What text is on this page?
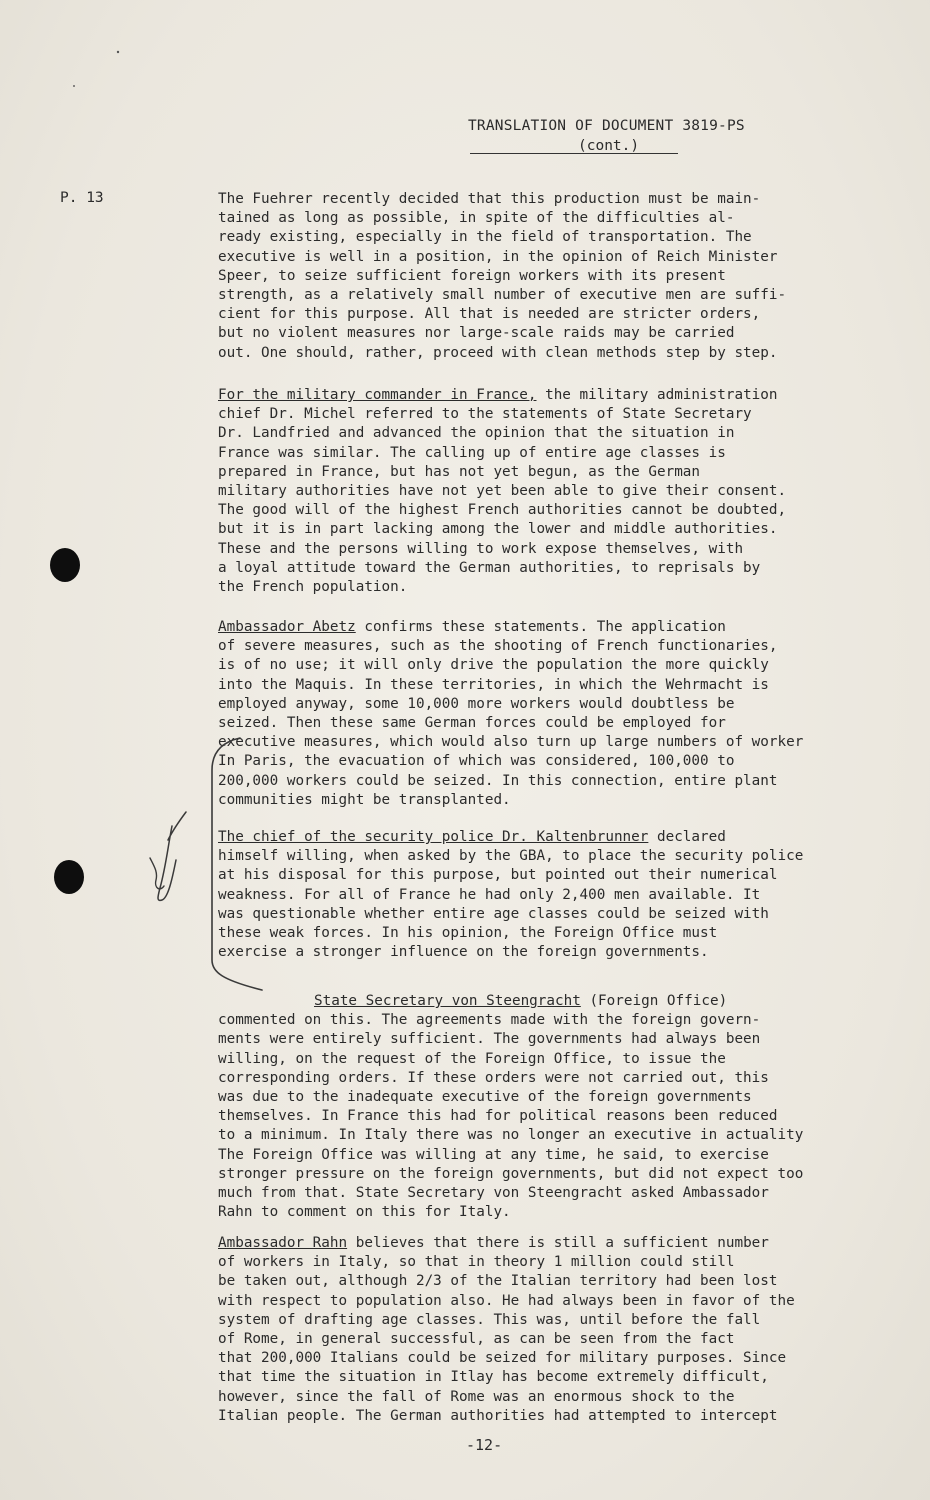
TRANSLATION OF DOCUMENT 3819-PS
(cont.)
P. 13	The Fuehrer recently decided that this production must be main-
tained as long as possible, in spite of the difficulties al-
ready existing, especially in the field of transportation. The
executive is well in a position, in the opinion of Reich Minister
Speer, to seize sufficient foreign workers with its present
strength, as a relatively small number of executive men are suffi-
cient for this purpose. All that is needed are stricter orders,
but no violent measures nor large-scale raids may be carried
out. One should, rather, proceed with clean methods step by step.
For the military commander in France, the military administration
chief Dr. Michel referred to the statements of State Secretary
Dr. Landfried and advanced the opinion that the situation in
France was similar. The calling up of entire age classes is
prepared in France, but has not yet begun, as the German
military authorities have not yet been able to give their consent.
The good will of the highest French authorities cannot be doubted,
but it is in part lacking among the lower and middle authorities.
These and the persons willing to work expose themselves, with
a loyal attitude toward the German authorities, to reprisals by
the French population.
Ambassador Abetz confirms these statements. The application
of severe measures, such as the shooting of French functionaries,
is of no use; it will only drive the population the more quickly
into the Maquis. In these territories, in which the Wehrmacht is
employed anyway, some 10,000 more workers would doubtless be
seized. Then these same German forces could be employed for
executive measures, which would also turn up large numbers of worker
In Paris, the evacuation of which was considered, 100,000 to
200,000 workers could be seized. In this connection, entire plant
communities might be transplanted.
The chief of the security police Dr. Kaltenbrunner declared
himself willing, when asked by the GBA, to place the security police
at his disposal for this purpose, but pointed out their numerical
weakness. For all of France he had only 2,400 men available. It
was questionable whether entire age classes could be seized with
these weak forces. In his opinion, the Foreign Office must
exercise a stronger influence on the foreign governments.
State Secretary von Steengracht (Foreign Office)
commented on this. The agreements made with the foreign govern-
ments were entirely sufficient. The governments had always been
willing, on the request of the Foreign Office, to issue the
corresponding orders. If these orders were not carried out, this
was due to the inadequate executive of the foreign governments
themselves. In France this had for political reasons been reduced
to a minimum. In Italy there was no longer an executive in actuality
The Foreign Office was willing at any time, he said, to exercise
stronger pressure on the foreign governments, but did not expect too
much from that. State Secretary von Steengracht asked Ambassador
Rahn to comment on this for Italy.
Ambassador Rahn believes that there is still a sufficient number
of workers in Italy, so that in theory 1 million could still
be taken out, although 2/3 of the Italian territory had been lost
with respect to population also. He had always been in favor of the
system of drafting age classes. This was, until before the fall
of Rome, in general successful, as can be seen from the fact
that 200,000 Italians could be seized for military purposes. Since
that time the situation in Itlay has become extremely difficult,
however, since the fall of Rome was an enormous shock to the
Italian people. The German authorities had attempted to intercept
-12-
